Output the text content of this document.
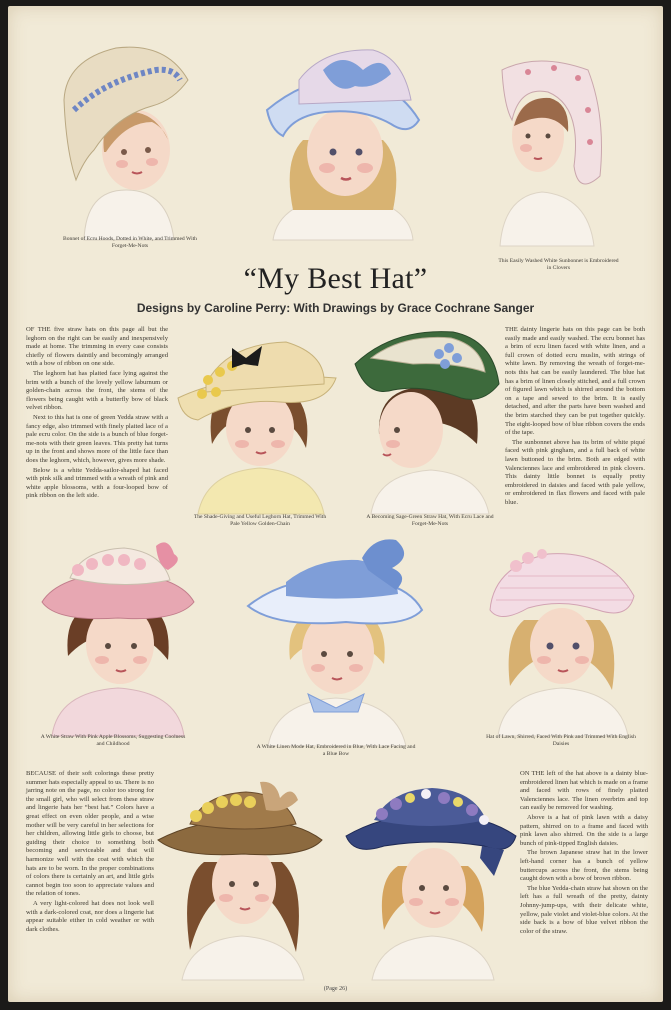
Bonnet of Ecru Hoods, Dotted in White, and Trimmed With Forget-Me-Nots
This Easily Washed White Sunbonnet is Embroidered in Clovers
The Shade-Giving and Useful Leghorn Hat, Trimmed With Pale Yellow Golden-Chain
A Becoming Sage-Green Straw Hat, With Ecru Lace and Forget-Me-Nots
A White Straw With Pink Apple Blossoms, Suggesting Coolness and Childhood	A White Linen Mode Hat, Embroidered in Blue, With Lace Facing and a Blue Bow
Hat of Lawn, Shirred, Faced With Pink and Trimmed With English Daisies
“My Best Hat”
Designs by Caroline Perry: With Drawings by Grace Cochrane Sanger

OF THE five straw hats on this page all but the leghorn on the right can be easily and inexpensively made at home. The trimming in every case consists chiefly of flowers daintily and becomingly arranged with a bow of ribbon on one side.

The leghorn hat has plaited face lying against the brim with a bunch of the lovely yellow laburnum or golden-chain across the front, the stems of the flowers being caught with a butterfly bow of black velvet ribbon.

Next to this hat is one of green Yedda straw with a fancy edge, also trimmed with finely plaited lace of a pale ecru color. On the side is a bunch of blue forget-me-nots with their green leaves. This pretty hat turns up in the front and shows more of the little face than does the leghorn, which, however, gives more shade.

Below is a white Yedda-sailor-shaped hat faced with pink silk and trimmed with a wreath of pink and white apple blossoms, with a four-looped bow of pink ribbon on the left side.

THE dainty lingerie hats on this page can be both easily made and easily washed. The ecru bonnet has a brim of ecru linen faced with white linen, and a full crown of dotted ecru muslin, with strings of white lawn. By removing the wreath of forget-me-nots this hat can be easily laundered. The blue hat has a brim of linen closely stitched, and a full crown of figured lawn which is shirred around the bottom on a tape and sewed to the brim. It is easily detached, and after the parts have been washed and the brim starched they can be put together quickly. The eight-looped bow of blue ribbon covers the ends of the tape.

The sunbonnet above has its brim of white piqué faced with pink gingham, and a full back of white lawn buttoned to the brim. Both are edged with Valenciennes lace and embroidered in pink clovers. This dainty little bonnet is equally pretty embroidered in daisies and faced with pale yellow, or embroidered in flax flowers and faced with pale blue.

BECAUSE of their soft colorings these pretty summer hats especially appeal to us. There is no jarring note on the page, no color too strong for the small girl, who will select from these straw and lingerie hats her “best hat.” Colors have a great effect on even older people, and a wise mother will be very careful in her selections for her children, allowing little girls to choose, but guiding their choice to something both becoming and serviceable and that will harmonize well with the coat with which the hats are to be worn. In the proper combinations of colors there is certainly an art, and little girls cannot begin too soon to appreciate values and the relation of tones.

A very light-colored hat does not look well with a dark-colored coat, nor does a lingerie hat appear suitable either in cold weather or with dark clothes.

ON THE left of the hat above is a dainty blue-embroidered linen hat which is made on a frame and faced with rows of finely plaited Valenciennes lace. The linen overbrim and top can easily be removed for washing.

Above is a hat of pink lawn with a daisy pattern, shirred on to a frame and faced with pink lawn also shirred. On the side is a large bunch of pink-tipped English daisies.

The brown Japanese straw hat in the lower left-hand corner has a bunch of yellow buttercups across the front, the stems being caught down with a bow of brown ribbon.

The blue Yedda-chain straw hat shown on the left has a full wreath of the pretty, dainty Johnny-jump-ups, with their delicate white, yellow, pale violet and violet-blue colors. At the side back is a bow of blue velvet ribbon the color of the straw.

(Page 26)
